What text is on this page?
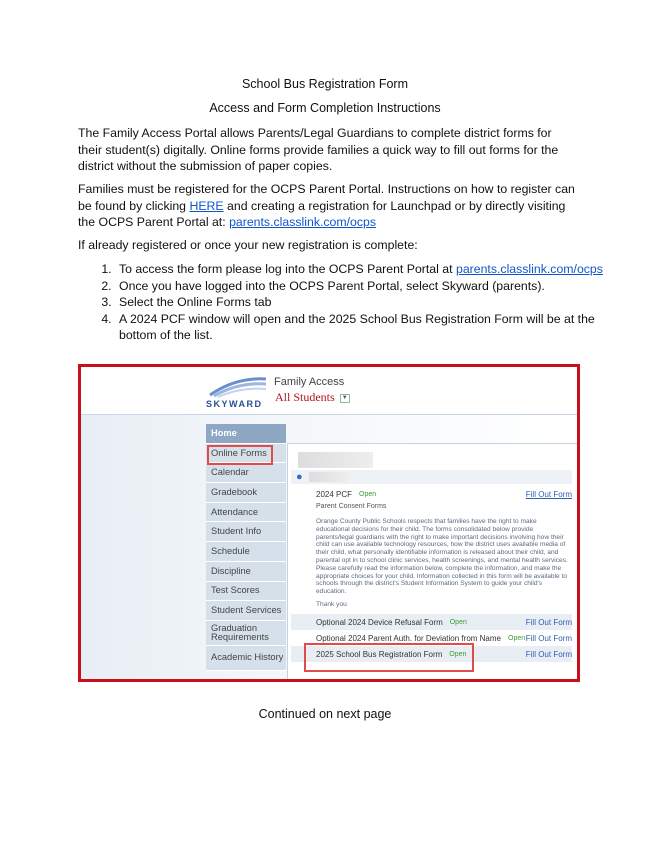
School Bus Registration Form
Access and Form Completion Instructions
The Family Access Portal allows Parents/Legal Guardians to complete district forms for their student(s) digitally. Online forms provide families a quick way to fill out forms for the district without the submission of paper copies.
Families must be registered for the OCPS Parent Portal. Instructions on how to register can be found by clicking HERE and creating a registration for Launchpad or by directly visiting the OCPS Parent Portal at: parents.classlink.com/ocps
If already registered or once your new registration is complete:
1. To access the form please log into the OCPS Parent Portal at parents.classlink.com/ocps
2. Once you have logged into the OCPS Parent Portal, select Skyward (parents).
3. Select the Online Forms tab
4. A 2024 PCF window will open and the 2025 School Bus Registration Form will be at the bottom of the list.
SKYWARD
Family Access
All Students ▼
Home
Online Forms
Calendar
Gradebook
Attendance
Student Info
Schedule
Discipline
Test Scores
Student Services
Graduation Requirements
Academic History
●
2024 PCF Open	Fill Out Form
Parent Consent Forms
Orange County Public Schools respects that families have the right to make educational decisions for their child. The forms consolidated below provide parents/legal guardians with the right to make important decisions involving how their child can use available technology resources, how the district uses available media of their child, what personally identifiable information is released about their child, and parental opt in to school clinic services, health screenings, and mental health services. Please carefully read the information below, complete the information, and make the appropriate choices for your child. Information collected in this form will be available to schools through the district's Student Information System to guide your child's education.
Thank you
Optional 2024 Device Refusal Form Open	Fill Out Form
Optional 2024 Parent Auth. for Deviation from Name Open Fill Out Form
2025 School Bus Registration Form Open	Fill Out Form
Continued on next page
